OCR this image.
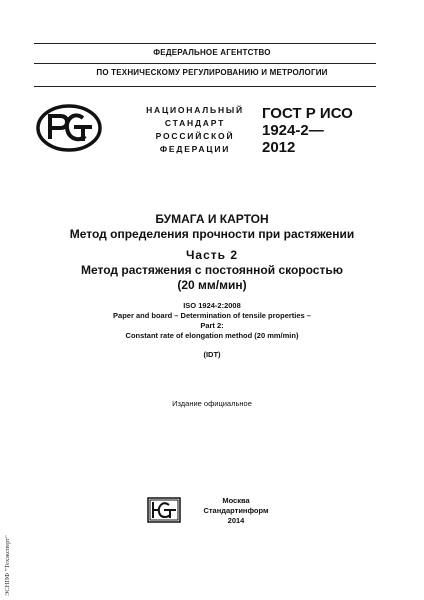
ФЕДЕРАЛЬНОЕ АГЕНТСТВО
ПО ТЕХНИЧЕСКОМУ РЕГУЛИРОВАНИЮ И МЕТРОЛОГИИ
НАЦИОНАЛЬНЫЙ
СТАНДАРТ
РОССИЙСКОЙ
ФЕДЕРАЦИИ
ГОСТ Р ИСО
1924-2—
2012
БУМАГА И КАРТОН
Метод определения прочности при растяжении
Часть 2
Метод растяжения с постоянной скоростью
(20 мм/мин)
ISO 1924-2:2008
Paper and board – Determination of tensile properties –
Part 2:
Constant rate of elongation method (20 mm/min)
(IDT)
Издание официальное
Москва
Стандартинформ
2014
ЭСНПФ "Техэксперт"
